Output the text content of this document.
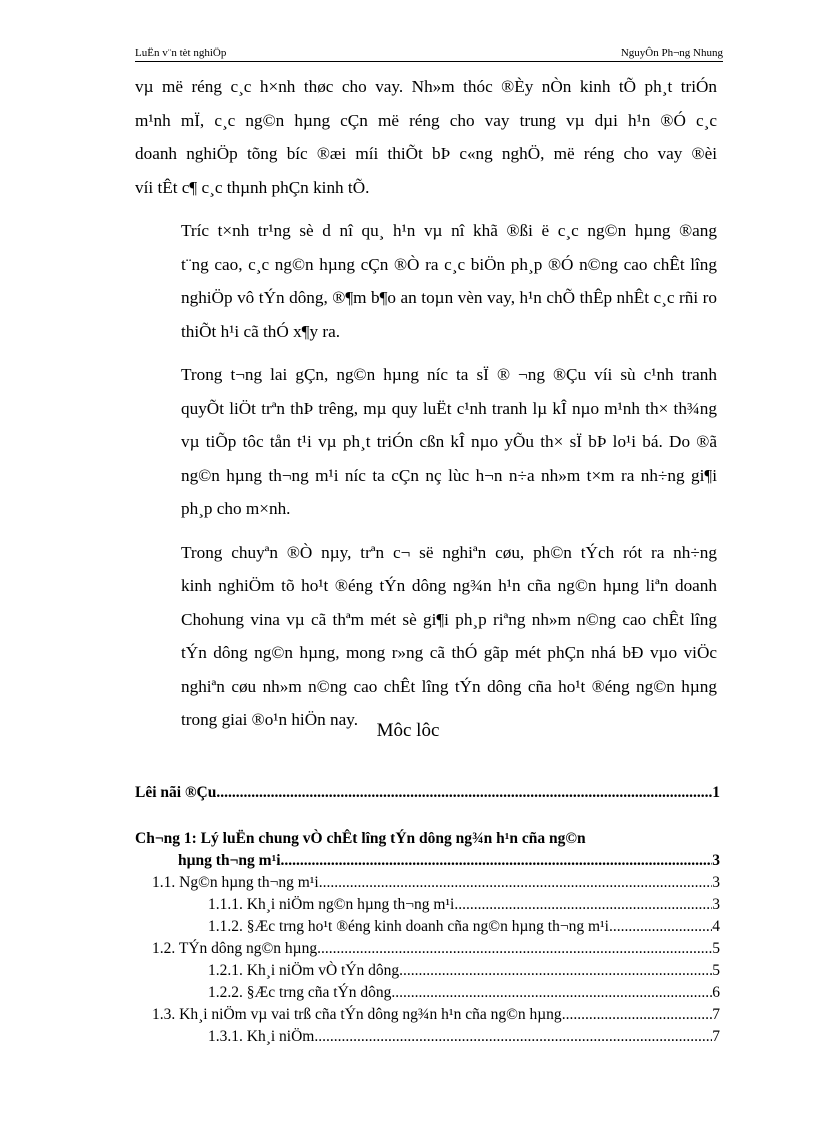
LuËn v¨n tèt nghiÖp	NguyÔn Ph¬ng Nhung

vµ më réng c¸c h×nh thøc cho vay. Nh»m thóc ®Èy nÒn kinh tÕ ph¸t triÓn
m¹nh mÏ, c¸c ng©n hµng cÇn më réng cho vay trung vµ dµi h¹n ®Ó c¸c
doanh nghiÖp tõng bíc ®æi míi thiÕt bÞ c«ng nghÖ, më réng cho vay ®èi
víi tÊt c¶ c¸c thµnh phÇn kinh tÕ.

Tríc t×nh tr¹ng sè d nî qu¸ h¹n vµ nî khã ®ßi ë c¸c ng©n hµng ®ang
t¨ng cao, c¸c ng©n hµng cÇn ®Ò ra c¸c biÖn ph¸p ®Ó n©ng cao chÊt lîng
nghiÖp vô tÝn dông, ®¶m b¶o an toµn vèn vay, h¹n chÕ thÊp nhÊt c¸c rñi ro
thiÕt h¹i cã thÓ x¶y ra.

Trong t¬ng lai gÇn, ng©n hµng níc ta sÏ ® ¬ng ®Çu víi sù c¹nh tranh
quyÕt liÖt trªn thÞ trêng, mµ quy luËt c¹nh tranh lµ kÎ nµo m¹nh th× th¾ng
vµ tiÕp tôc tån t¹i vµ ph¸t triÓn cßn kÎ nµo yÕu th× sÏ bÞ lo¹i bá. Do ®ã
ng©n hµng th¬ng m¹i níc ta cÇn nç lùc h¬n n÷a nh»m t×m ra nh÷ng gi¶i
ph¸p cho m×nh.

Trong chuyªn ®Ò nµy, trªn c¬ së nghiªn cøu, ph©n tÝch rót ra nh÷ng
kinh nghiÖm tõ ho¹t ®éng tÝn dông ng¾n h¹n cña ng©n hµng liªn doanh
Chohung vina vµ cã thªm mét sè gi¶i ph¸p riªng nh»m n©ng cao chÊt lîng
tÝn dông ng©n hµng, mong r»ng cã thÓ gãp mét phÇn nhá bÐ vµo viÖc
nghiªn cøu nh»m n©ng cao chÊt lîng tÝn dông cña ho¹t ®éng ng©n hµng
trong giai ®o¹n hiÖn nay.

Môc lôc
Lêi nãi ®Çu .....	1
Ch¬ng 1: Lý luËn chung vÒ chÊt lîng tÝn dông ng¾n h¹n cña ng©n
hµng th¬ng m¹i .....	3
1.1. Ng©n hµng th¬ng m¹i .....	3
1.1.1. Kh¸i niÖm ng©n hµng th¬ng m¹i .....	3
1.1.2. §Æc trng ho¹t ®éng kinh doanh cña ng©n hµng th¬ng m¹i .....	4
1.2. TÝn dông ng©n hµng .....	5
1.2.1. Kh¸i niÖm vÒ tÝn dông .....	5
1.2.2. §Æc trng cña tÝn dông .....	6
1.3. Kh¸i niÖm vµ vai trß cña tÝn dông ng¾n h¹n cña ng©n hµng .....	7
1.3.1. Kh¸i niÖm .....	7
